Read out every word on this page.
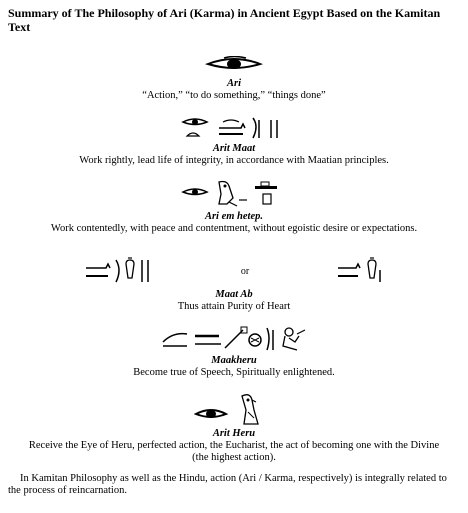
Summary of The Philosophy of Ari (Karma) in Ancient Egypt Based on the Kamitan
Text
Ari
“Action,” “to do something,” “things done”
Arit Maat
Work rightly, lead life of integrity, in accordance with Maatian principles.
Ari em hetep.
Work contentedly, with peace and contentment, without egoistic desire or expectations.
or
Maat Ab
Thus attain Purity of Heart
Maakheru
Become true of Speech, Spiritually enlightened.
Arit Heru
Receive the Eye of Heru, perfected action, the Eucharist, the act of becoming one with the Divine
(the highest action).
In Kamitan Philosophy as well as the Hindu, action (Ari / Karma, respectively) is integrally related to the process of reincarnation.
